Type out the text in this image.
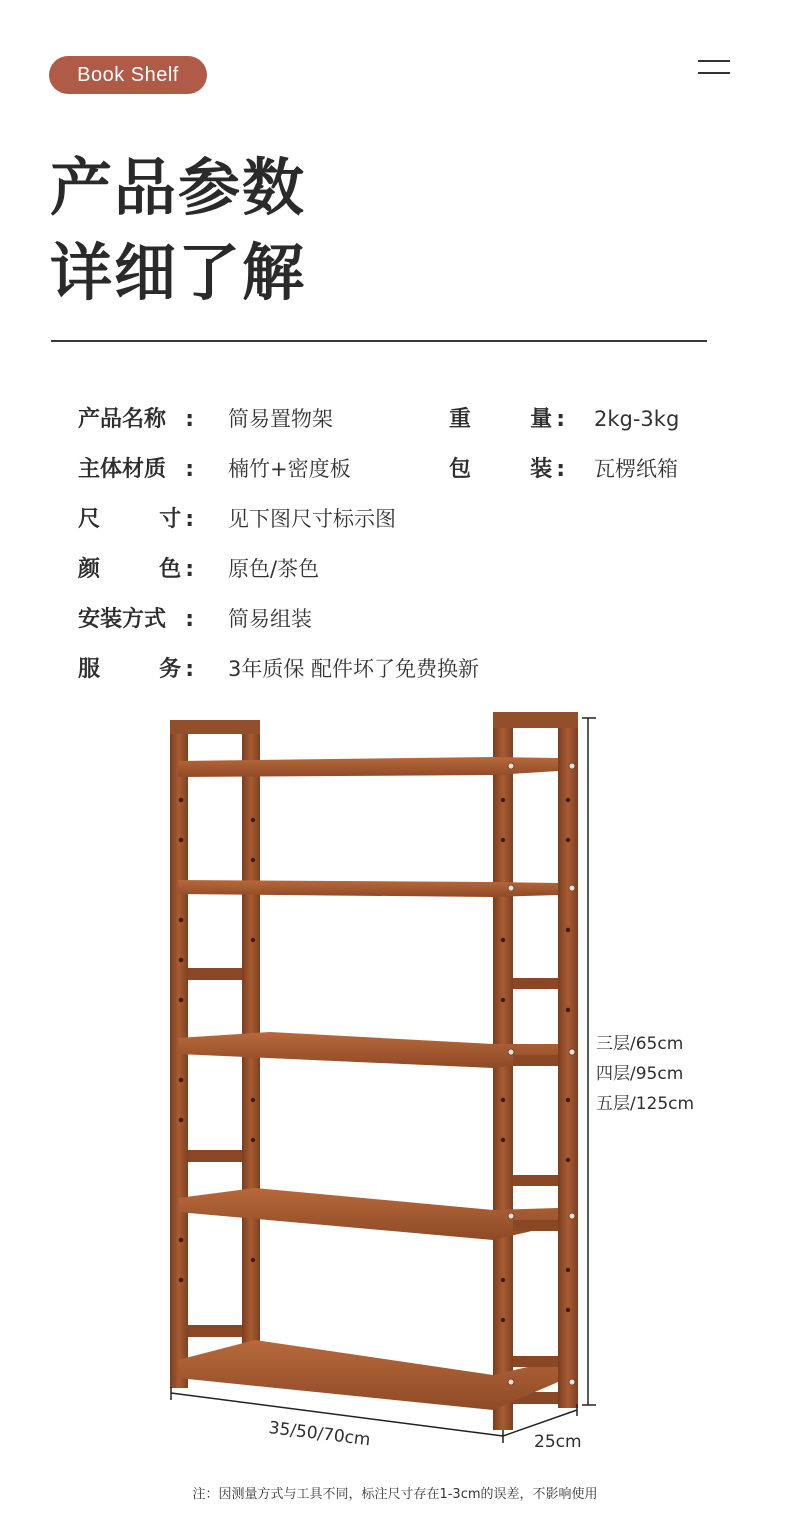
Book Shelf
产品参数
详细了解
产品名称 : 简易置物架	重	量 : 2kg-3kg
主体材质 : 楠竹+密度板	包	装 : 瓦楞纸箱
尺	寸 : 见下图尺寸标示图
颜	色 : 原色/茶色
安装方式 : 简易组装
服	务 : 3年质保 配件坏了免费换新
三层/65cm
四层/95cm
五层/125cm
35/50/70cm	25cm
注：因测量方式与工具不同，标注尺寸存在1-3cm的误差，不影响使用
